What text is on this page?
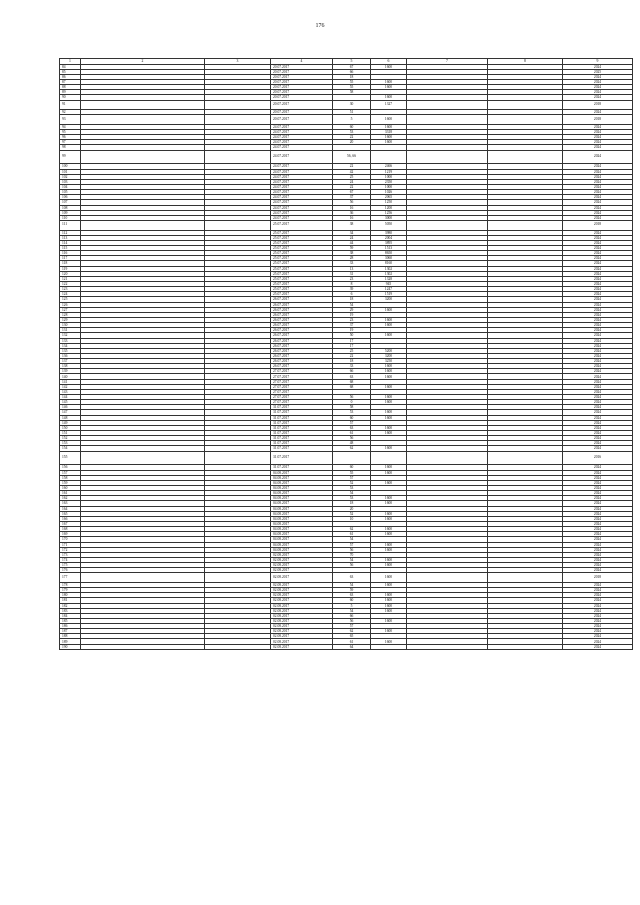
176
1	2	3	4	5	6	7	8	9
84			20.07.2017	67	1600			2024
85			20.07.2017	66				2025
86			20.07.2017	18				2024
87			20.07.2017	55	1600			2024
88			20.07.2017	55	1600			2024
89			20.07.2017	58				2024
90			20.07.2017		1600			2024
91			20.07.2017	30	1327			2018
92			20.07.2017	51				2024
93			20.07.2017	5	1600			2018
94			24.07.2017	60	1600			2024
95			24.07.2017	53	3318			2024
96			24.07.2017	22	1600			2024
97			24.07.2017	20	1600			2024
98			24.07.2017					2024
99			24.07.2017	56, 66				2024
100			24.07.2017	22	2466			2024
101			24.07.2017	42	1219			2024
102			24.07.2017	25	1000			2024
103			24.07.2017	24	2350			2024
104			24.07.2017	22	1000			2024
105			24.07.2017	67	1026			2024
106			24.07.2017	37	2065			2024
107			24.07.2017	56	1250			2024
108			24.07.2017	16	1200			2024
109			24.07.2017	36	1256			2024
110			24.07.2017	16	3000			2024
111			25.07.2017	38	5050			2018
112			25.07.2017	34	3980			2024
113			25.07.2017	24	2004			2024
114			25.07.2017	44	3895			2024
115			25.07.2017	59	1513			2024
116			25.07.2017	38	8650			2024
117			25.07.2017	28	3060			2024
118			25.07.2017	33	8160			2024
119			25.07.2017	13	1302			2024
120			25.07.2017	31	1302			2024
121			25.07.2017	23	1328			2024
122			25.07.2017	8	945			2024
123			25.07.2017	39	1247			2024
124			25.07.2017	6	1519			2024
125			26.07.2017	18	3200			2024
126			26.07.2017	54				2024
127			26.07.2017	29	1600			2024
128			26.07.2017	19				2024
129			26.07.2017	23	1600			2024
130			26.07.2017	37	1600			2024
131			26.07.2017	19				2024
132			26.07.2017	50	1600			2024
133			26.07.2017	17				2024
134			26.07.2017	17				2024
135			26.07.2017	25	5200			2024
136			26.07.2017	22	3200			2024
137			26.07.2017	18	3250			2024
138			26.07.2017	33	1600			2024
139			27.07.2017	66	1600			2024
140			27.07.2017	63	1600			2024
141			27.07.2017	68				2024
142			27.07.2017	68	1600			2024
143			27.07.2017					2024
144			27.07.2017	56	1600			2024
145			27.07.2017	0	1600			2024
146			31.07.2017	58				2024
147			31.07.2017	53	1600			2024
148			31.07.2017	60	1600			2024
149			31.07.2017	57				2024
150			31.07.2017	63	1600			2024
151			31.07.2017	61	1600			2024
152			31.07.2017	56				2024
153			31.07.2017	48				2024
154			31.07.2017	62	1600			2024
155			31.07.2017					2016
156			31.07.2017	60	1600			2024
157			04.08.2017	55	1600			2024
158			04.08.2017	57				2024
159			04.08.2017	52	1600			2024
160			04.08.2017	53				2024
161			04.08.2017	54				2024
162			04.08.2017	53	1600			2024
163			04.08.2017	18	1600			2024
164			04.08.2017	20				2024
165			04.08.2017	52	1600			2024
166			04.08.2017	10	1600			2024
167			04.08.2017					2024
168			04.08.2017	62	1600			2024
169			04.08.2017	61	1600			2024
170			04.08.2017	54				2024
171			04.08.2017	57	1600			2024
172			04.08.2017	56	1600			2024
173			02.08.2017	70				2024
174			02.08.2017	54	1600			2024
175			02.08.2017	56	1600			2024
176			02.08.2017					2024
177			02.08.2017	63	1600			2018
178			02.08.2017	54	1600			2024
179			02.08.2017	59				2024
180			02.08.2017	63	1600			2024
181			02.08.2017	60	1600			2024
182			02.08.2017	5	1600			2024
183			02.08.2017	54	1600			2024
184			02.08.2017	66				2024
185			02.08.2017	56	1600			2024
186			02.08.2017	57				2024
187			02.08.2017	62	1600			2024
188			02.08.2017	65				2024
189			02.08.2017	61	1600			2024
190			02.08.2017	64				2024
